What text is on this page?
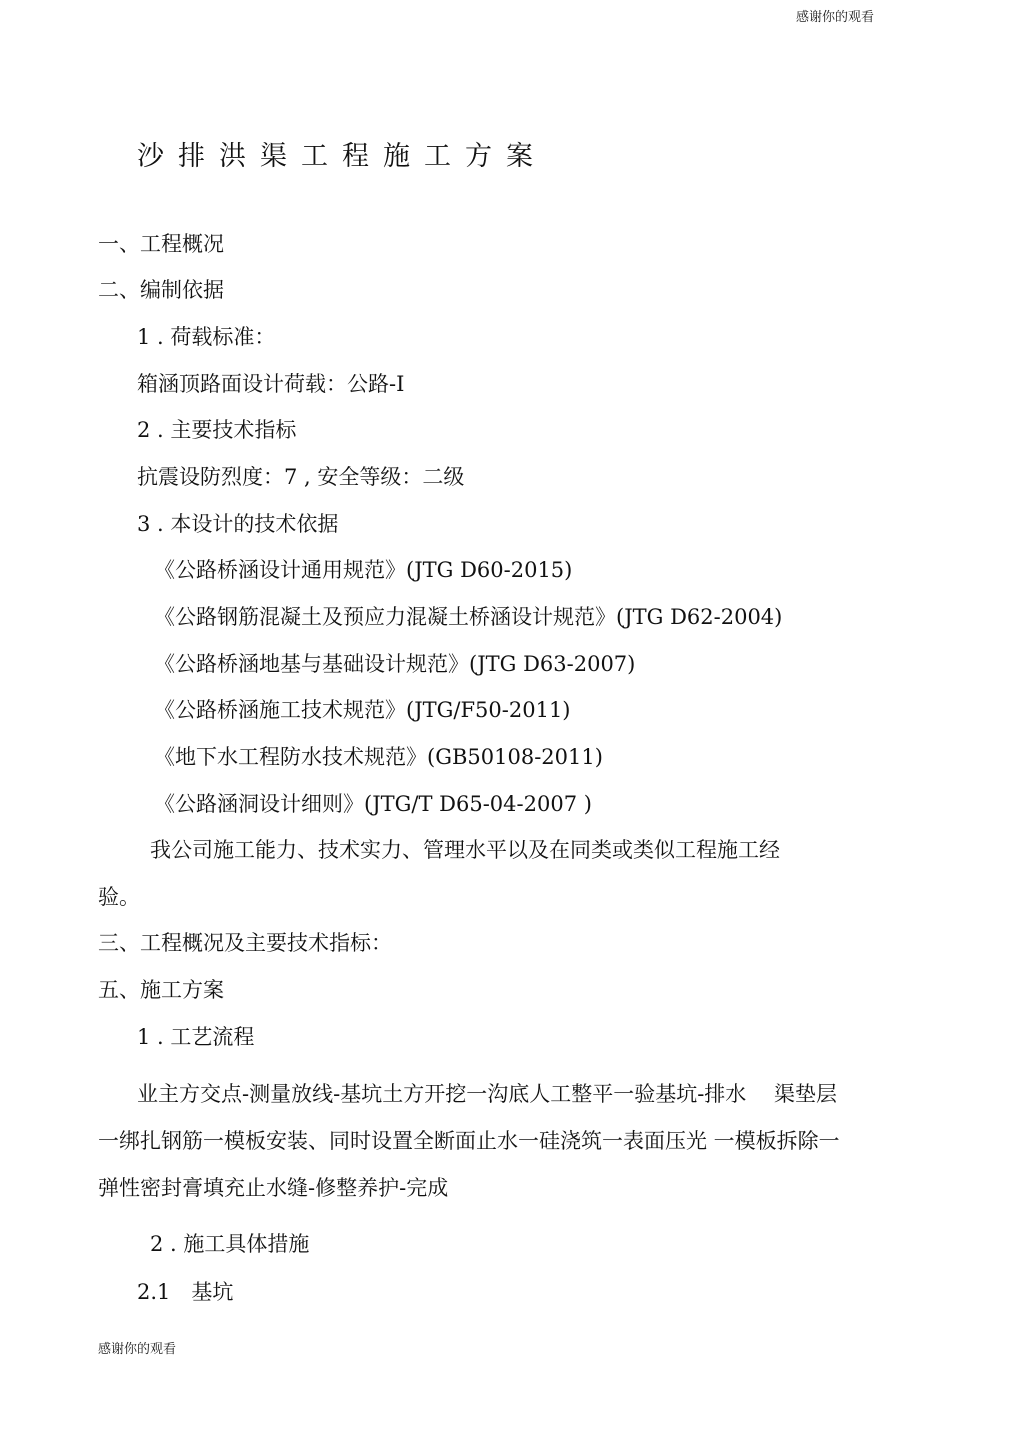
感谢你的观看
沙排洪渠工程施工方案
一、工程概况
二、编制依据
1 . 荷载标准：
箱涵顶路面设计荷载：公路-I
2 . 主要技术指标
抗震设防烈度：7 , 安全等级：二级
3 . 本设计的技术依据
《公路桥涵设计通用规范》(JTG D60-2015)
《公路钢筋混凝土及预应力混凝土桥涵设计规范》(JTG D62-2004)
《公路桥涵地基与基础设计规范》(JTG D63-2007)
《公路桥涵施工技术规范》(JTG/F50-2011)
《地下水工程防水技术规范》(GB50108-2011)
《公路涵洞设计细则》(JTG/T D65-04-2007 )
我公司施工能力、技术实力、管理水平以及在同类或类似工程施工经
验。
三、工程概况及主要技术指标：
五、施工方案
1 . 工艺流程
业主方交点-测量放线-基坑土方开挖一沟底人工整平一验基坑-排水　 渠垫层
一绑扎钢筋一模板安装、同时设置全断面止水一硅浇筑一表面压光 一模板拆除一
弹性密封膏填充止水缝-修整养护-完成
2 . 施工具体措施
2.1　基坑
感谢你的观看
